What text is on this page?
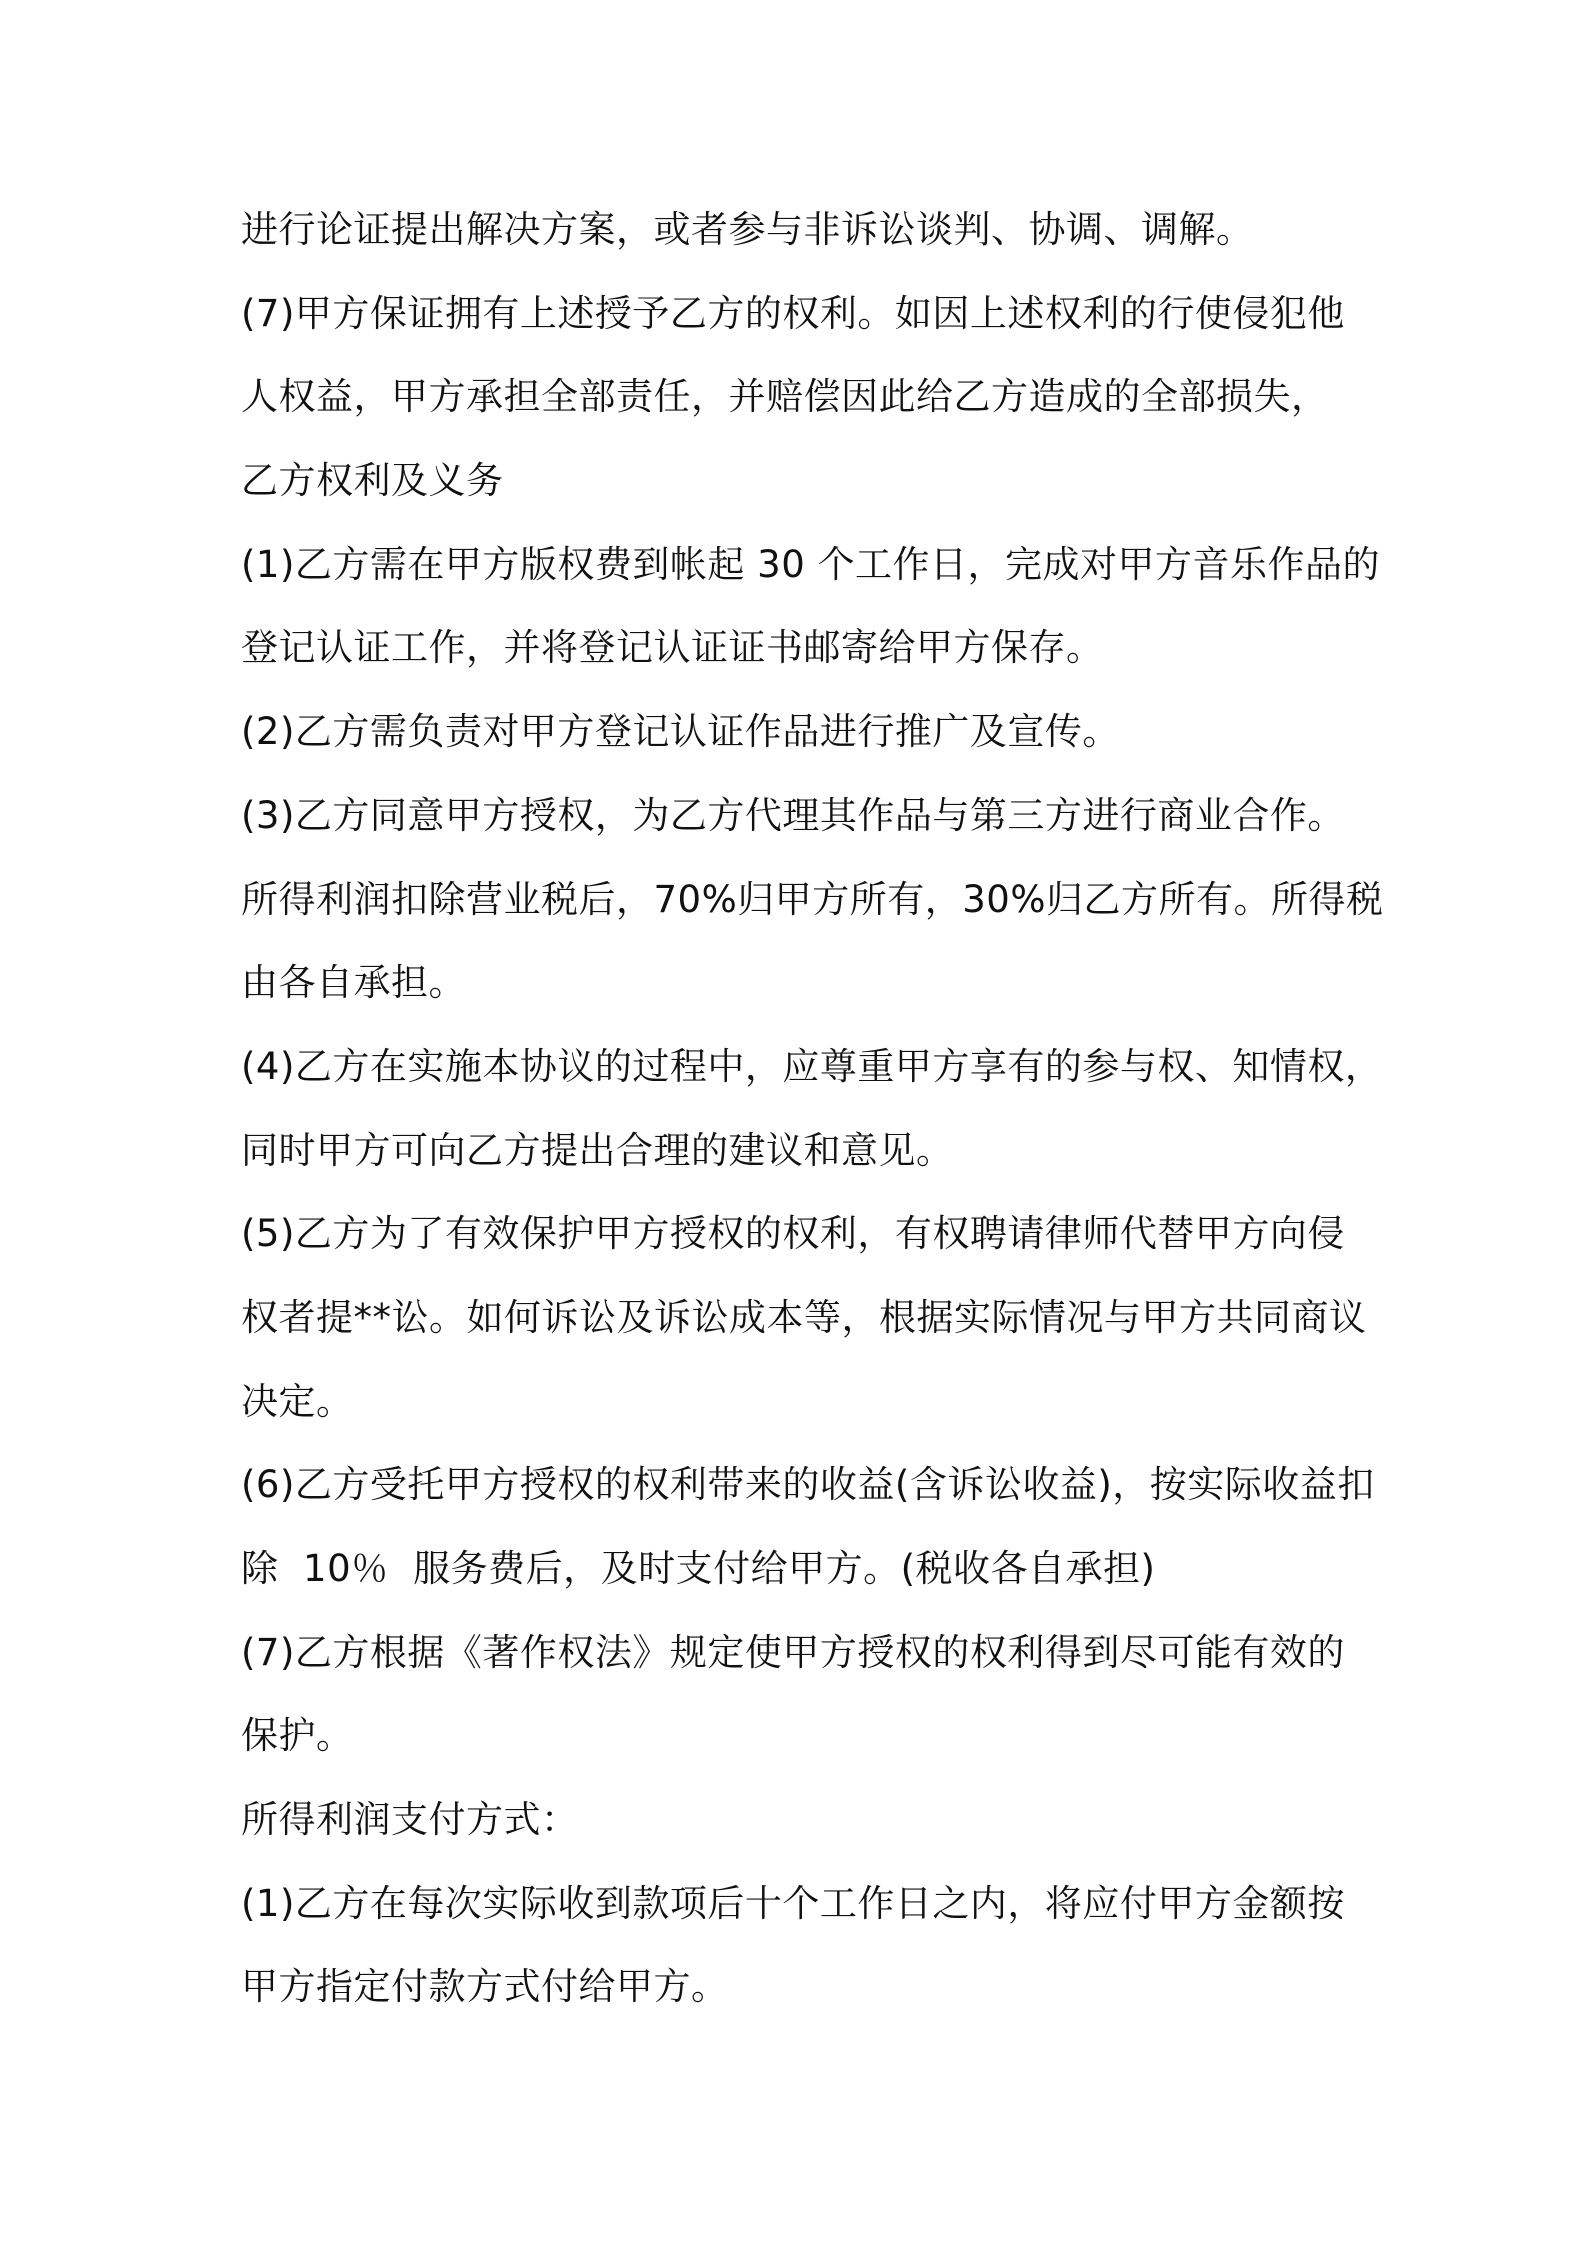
进行论证提出解决方案，或者参与非诉讼谈判、协调、调解。
(7)甲方保证拥有上述授予乙方的权利。如因上述权利的行使侵犯他
人权益，甲方承担全部责任，并赔偿因此给乙方造成的全部损失，
乙方权利及义务
(1)乙方需在甲方版权费到帐起 30 个工作日，完成对甲方音乐作品的
登记认证工作，并将登记认证证书邮寄给甲方保存。
(2)乙方需负责对甲方登记认证作品进行推广及宣传。
(3)乙方同意甲方授权，为乙方代理其作品与第三方进行商业合作。
所得利润扣除营业税后，70%归甲方所有，30%归乙方所有。所得税
由各自承担。
(4)乙方在实施本协议的过程中，应尊重甲方享有的参与权、知情权，
同时甲方可向乙方提出合理的建议和意见。
(5)乙方为了有效保护甲方授权的权利，有权聘请律师代替甲方向侵
权者提**讼。如何诉讼及诉讼成本等，根据实际情况与甲方共同商议
决定。
(6)乙方受托甲方授权的权利带来的收益(含诉讼收益)，按实际收益扣
除  10％  服务费后，及时支付给甲方。(税收各自承担)
(7)乙方根据《著作权法》规定使甲方授权的权利得到尽可能有效的
保护。
所得利润支付方式：
(1)乙方在每次实际收到款项后十个工作日之内，将应付甲方金额按
甲方指定付款方式付给甲方。
